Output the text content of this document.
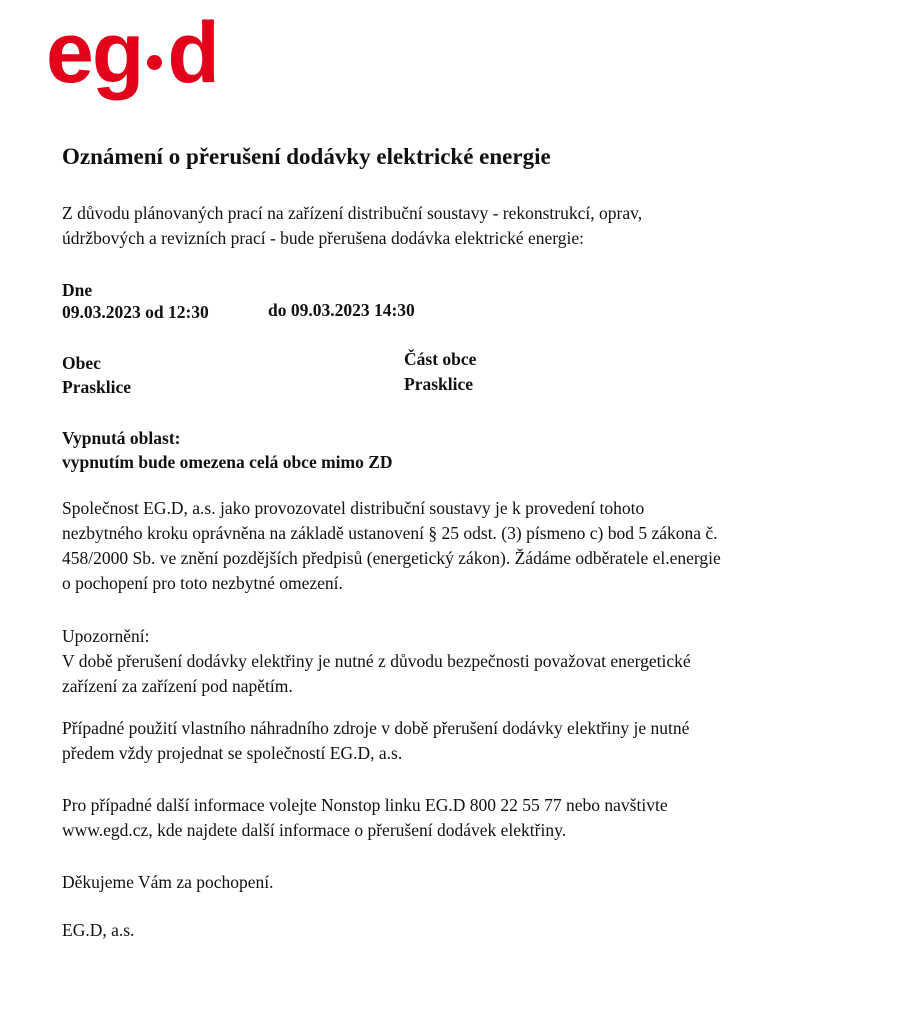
eg d
Oznámení o přerušení dodávky elektrické energie
Z důvodu plánovaných prací na zařízení distribuční soustavy - rekonstrukcí, oprav,
údržbových a revizních prací - bude přerušena dodávka elektrické energie:
Dne
09.03.2023 od 12:30	do 09.03.2023 14:30
Obec
Prasklice
Část obce
Prasklice
Vypnutá oblast:
vypnutím bude omezena celá obce mimo ZD
Společnost EG.D, a.s. jako provozovatel distribuční soustavy je k provedení tohoto
nezbytného kroku oprávněna na základě ustanovení § 25 odst. (3) písmeno c) bod 5 zákona č.
458/2000 Sb. ve znění pozdějších předpisů (energetický zákon). Žádáme odběratele el.energie
o pochopení pro toto nezbytné omezení.
Upozornění:
V době přerušení dodávky elektřiny je nutné z důvodu bezpečnosti považovat energetické
zařízení za zařízení pod napětím.
Případné použití vlastního náhradního zdroje v době přerušení dodávky elektřiny je nutné
předem vždy projednat se společností EG.D, a.s.
Pro případné další informace volejte Nonstop linku EG.D 800 22 55 77 nebo navštivte
www.egd.cz, kde najdete další informace o přerušení dodávek elektřiny.
Děkujeme Vám za pochopení.
EG.D, a.s.
